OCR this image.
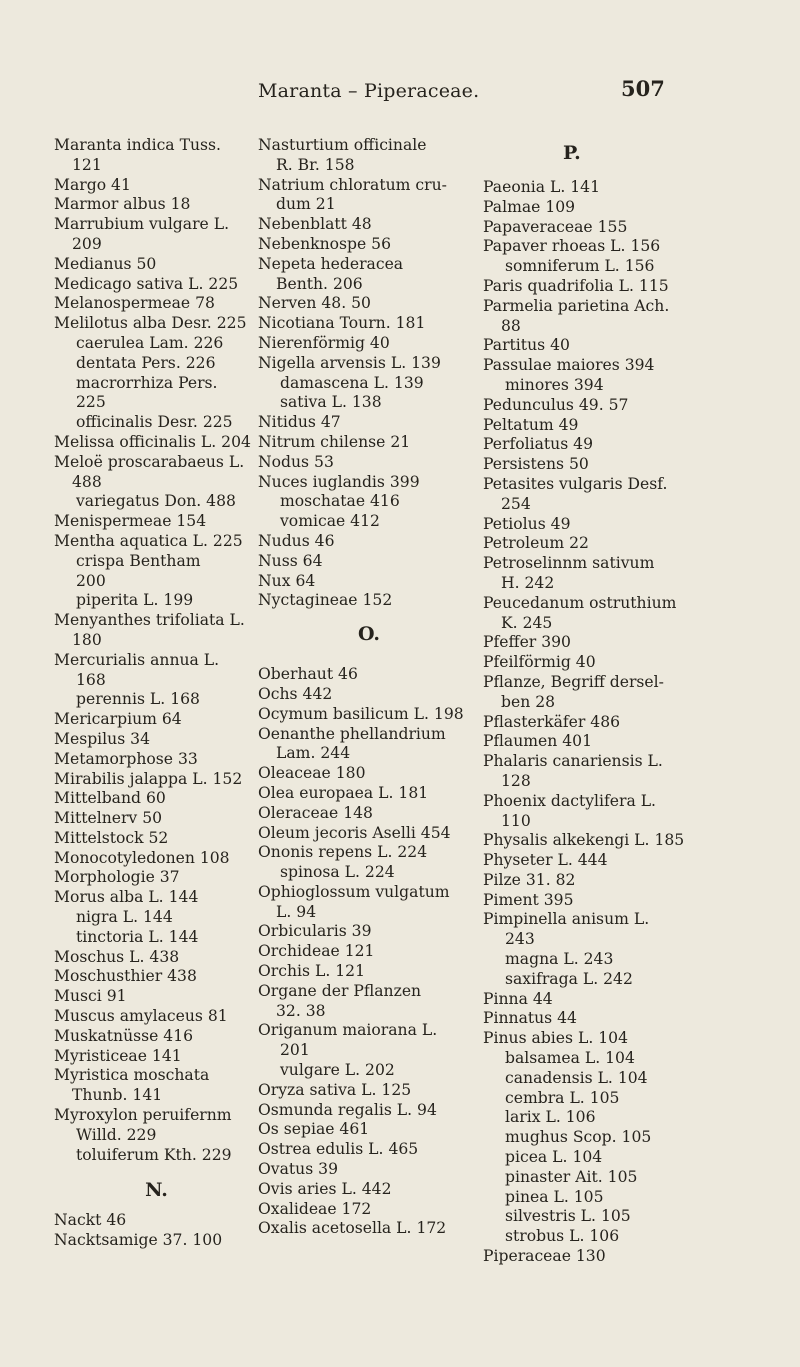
Maranta – Piperaceae.	507
Maranta indica Tuss.
121
Margo 41
Marmor albus 18
Marrubium vulgare L.
209
Medianus 50
Medicago sativa L. 225
Melanospermeae 78
Melilotus alba Desr. 225
caerulea Lam. 226
dentata Pers. 226
macrorrhiza Pers.
225
officinalis Desr. 225
Melissa officinalis L. 204
Meloë proscarabaeus L.
488
variegatus Don. 488
Menispermeae 154
Mentha aquatica L. 225
crispa Bentham
200
piperita L. 199
Menyanthes trifoliata L.
180
Mercurialis annua L.
168
perennis L. 168
Mericarpium 64
Mespilus 34
Metamorphose 33
Mirabilis jalappa L. 152
Mittelband 60
Mittelnerv 50
Mittelstock 52
Monocotyledonen 108
Morphologie 37
Morus alba L. 144
nigra L. 144
tinctoria L. 144
Moschus L. 438
Moschusthier 438
Musci 91
Muscus amylaceus 81
Muskatnüsse 416
Myristiceae 141
Myristica moschata
Thunb. 141
Myroxylon peruifernm
Willd. 229
toluiferum Kth. 229
N.
Nackt 46
Nacktsamige 37. 100
Nasturtium officinale
R. Br. 158
Natrium chloratum cru-
dum 21
Nebenblatt 48
Nebenknospe 56
Nepeta hederacea
Benth. 206
Nerven 48. 50
Nicotiana Tourn. 181
Nierenförmig 40
Nigella arvensis L. 139
damascena L. 139
sativa L. 138
Nitidus 47
Nitrum chilense 21
Nodus 53
Nuces iuglandis 399
moschatae 416
vomicae 412
Nudus 46
Nuss 64
Nux 64
Nyctagineae 152
O.
Oberhaut 46
Ochs 442
Ocymum basilicum L. 198
Oenanthe phellandrium
Lam. 244
Oleaceae 180
Olea europaea L. 181
Oleraceae 148
Oleum jecoris Aselli 454
Ononis repens L. 224
spinosa L. 224
Ophioglossum vulgatum
L. 94
Orbicularis 39
Orchideae 121
Orchis L. 121
Organe der Pflanzen
32. 38
Origanum maiorana L.
201
vulgare L. 202
Oryza sativa L. 125
Osmunda regalis L. 94
Os sepiae 461
Ostrea edulis L. 465
Ovatus 39
Ovis aries L. 442
Oxalideae 172
Oxalis acetosella L. 172
P.
Paeonia L. 141
Palmae 109
Papaveraceae 155
Papaver rhoeas L. 156
somniferum L. 156
Paris quadrifolia L. 115
Parmelia parietina Ach.
88
Partitus 40
Passulae maiores 394
minores 394
Pedunculus 49. 57
Peltatum 49
Perfoliatus 49
Persistens 50
Petasites vulgaris Desf.
254
Petiolus 49
Petroleum 22
Petroselinnm sativum
H. 242
Peucedanum ostruthium
K. 245
Pfeffer 390
Pfeilförmig 40
Pflanze, Begriff dersel-
ben 28
Pflasterkäfer 486
Pflaumen 401
Phalaris canariensis L.
128
Phoenix dactylifera L.
110
Physalis alkekengi L. 185
Physeter L. 444
Pilze 31. 82
Piment 395
Pimpinella anisum L.
243
magna L. 243
saxifraga L. 242
Pinna 44
Pinnatus 44
Pinus abies L. 104
balsamea L. 104
canadensis L. 104
cembra L. 105
larix L. 106
mughus Scop. 105
picea L. 104
pinaster Ait. 105
pinea L. 105
silvestris L. 105
strobus L. 106
Piperaceae 130
